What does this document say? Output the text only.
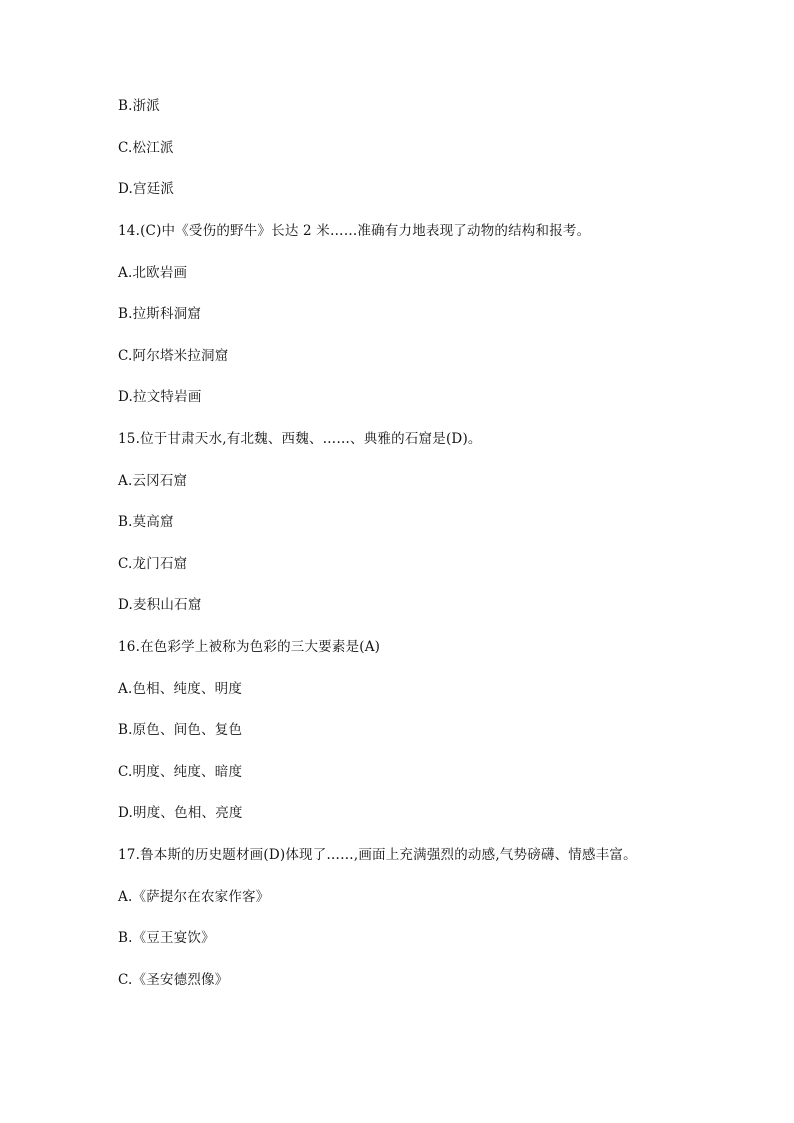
B.浙派
C.松江派
D.宫廷派
14.(C)中《受伤的野牛》长达 2 米……准确有力地表现了动物的结构和报考。
A.北欧岩画
B.拉斯科洞窟
C.阿尔塔米拉洞窟
D.拉文特岩画
15.位于甘肃天水,有北魏、西魏、……、典雅的石窟是(D)。
A.云冈石窟
B.莫高窟
C.龙门石窟
D.麦积山石窟
16.在色彩学上被称为色彩的三大要素是(A)
A.色相、纯度、明度
B.原色、间色、复色
C.明度、纯度、暗度
D.明度、色相、亮度
17.鲁本斯的历史题材画(D)体现了……,画面上充满强烈的动感,气势磅礴、情感丰富。
A.《萨提尔在农家作客》
B.《豆王宴饮》
C.《圣安德烈像》
